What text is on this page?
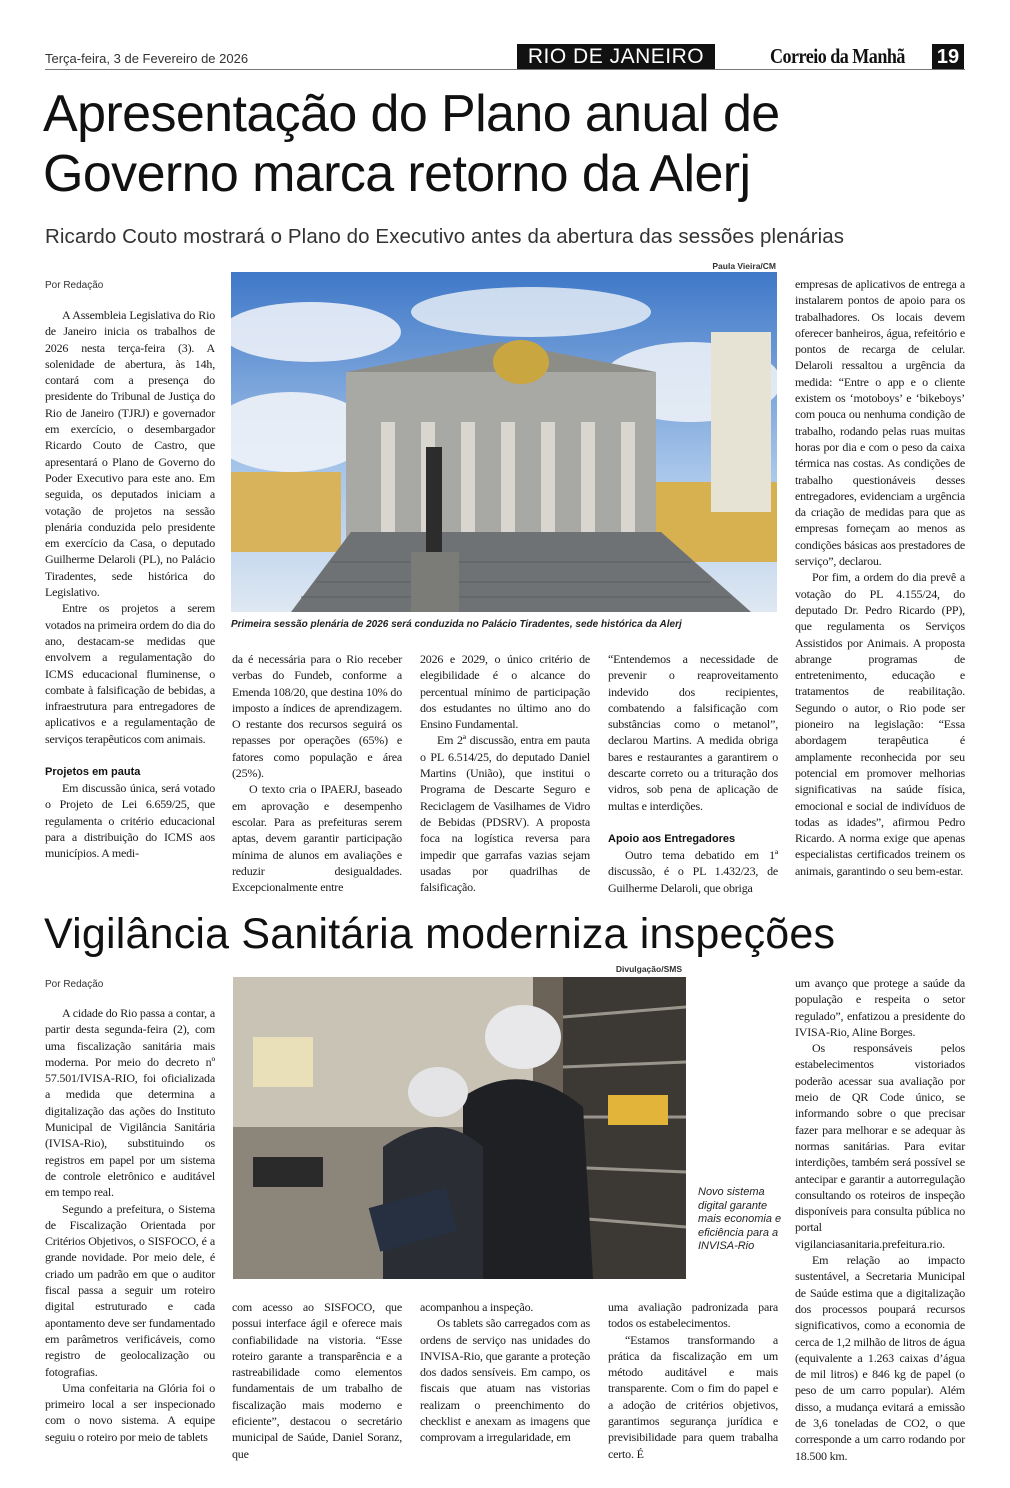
Terça-feira, 3 de Fevereiro de 2026	RIO DE JANEIRO	Correio da Manhã 19
Apresentação do Plano anual de Governo marca retorno da Alerj
Ricardo Couto mostrará o Plano do Executivo antes da abertura das sessões plenárias
Por Redação
Paula Vieira/CM
Primeira sessão plenária de 2026 será conduzida no Palácio Tiradentes, sede histórica da Alerj

A Assembleia Legislativa do Rio de Janeiro inicia os trabalhos de 2026 nesta terça-feira (3). A solenidade de abertura, às 14h, contará com a presença do presidente do Tribunal de Justiça do Rio de Janeiro (TJRJ) e governador em exercício, o desembargador Ricardo Couto de Castro, que apresentará o Plano de Governo do Poder Executivo para este ano. Em seguida, os deputados iniciam a votação de projetos na sessão plenária conduzida pelo presidente em exercício da Casa, o deputado Guilherme Delaroli (PL), no Palácio Tiradentes, sede histórica do Legislativo.

Entre os projetos a serem votados na primeira ordem do dia do ano, destacam-se medidas que envolvem a regulamentação do ICMS educacional fluminense, o combate à falsificação de bebidas, a infraestrutura para entregadores de aplicativos e a regulamentação de serviços terapêuticos com animais.

Projetos em pauta

Em discussão única, será votado o Projeto de Lei 6.659/25, que regulamenta o critério educacional para a distribuição do ICMS aos municípios. A medi-

da é necessária para o Rio receber verbas do Fundeb, conforme a Emenda 108/20, que destina 10% do imposto a índices de aprendizagem. O restante dos recursos seguirá os repasses por operações (65%) e fatores como população e área (25%).

O texto cria o IPAERJ, baseado em aprovação e desempenho escolar. Para as prefeituras serem aptas, devem garantir participação mínima de alunos em avaliações e reduzir desigualdades. Excepcionalmente entre

2026 e 2029, o único critério de elegibilidade é o alcance do percentual mínimo de participação dos estudantes no último ano do Ensino Fundamental.

Em 2ª discussão, entra em pauta o PL 6.514/25, do deputado Daniel Martins (União), que institui o Programa de Descarte Seguro e Reciclagem de Vasilhames de Vidro de Bebidas (PDSRV). A proposta foca na logística reversa para impedir que garrafas vazias sejam usadas por quadrilhas de falsificação.

“Entendemos a necessidade de prevenir o reaproveitamento indevido dos recipientes, combatendo a falsificação com substâncias como o metanol”, declarou Martins. A medida obriga bares e restaurantes a garantirem o descarte correto ou a trituração dos vidros, sob pena de aplicação de multas e interdições.

Apoio aos Entregadores

Outro tema debatido em 1ª discussão, é o PL 1.432/23, de Guilherme Delaroli, que obriga

empresas de aplicativos de entrega a instalarem pontos de apoio para os trabalhadores. Os locais devem oferecer banheiros, água, refeitório e pontos de recarga de celular. Delaroli ressaltou a urgência da medida: “Entre o app e o cliente existem os ‘motoboys’ e ‘bikeboys’ com pouca ou nenhuma condição de trabalho, rodando pelas ruas muitas horas por dia e com o peso da caixa térmica nas costas. As condições de trabalho questionáveis desses entregadores, evidenciam a urgência da criação de medidas para que as empresas forneçam ao menos as condições básicas aos prestadores de serviço”, declarou.

Por fim, a ordem do dia prevê a votação do PL 4.155/24, do deputado Dr. Pedro Ricardo (PP), que regulamenta os Serviços Assistidos por Animais. A proposta abrange programas de entretenimento, educação e tratamentos de reabilitação. Segundo o autor, o Rio pode ser pioneiro na legislação: “Essa abordagem terapêutica é amplamente reconhecida por seu potencial em promover melhorias significativas na saúde física, emocional e social de indivíduos de todas as idades”, afirmou Pedro Ricardo. A norma exige que apenas especialistas certificados treinem os animais, garantindo o seu bem-estar.

Vigilância Sanitária moderniza inspeções
Por Redação
Divulgação/SMS
Novo sistema digital garante mais economia e eficiência para a INVISA-Rio

A cidade do Rio passa a contar, a partir desta segunda-feira (2), com uma fiscalização sanitária mais moderna. Por meio do decreto nº 57.501/IVISA-RIO, foi oficializada a medida que determina a digitalização das ações do Instituto Municipal de Vigilância Sanitária (IVISA-Rio), substituindo os registros em papel por um sistema de controle eletrônico e auditável em tempo real.

Segundo a prefeitura, o Sistema de Fiscalização Orientada por Critérios Objetivos, o SISFOCO, é a grande novidade. Por meio dele, é criado um padrão em que o auditor fiscal passa a seguir um roteiro digital estruturado e cada apontamento deve ser fundamentado em parâmetros verificáveis, como registro de geolocalização ou fotografias.

Uma confeitaria na Glória foi o primeiro local a ser inspecionado com o novo sistema. A equipe seguiu o roteiro por meio de tablets

com acesso ao SISFOCO, que possui interface ágil e oferece mais confiabilidade na vistoria. “Esse roteiro garante a transparência e a rastreabilidade como elementos fundamentais de um trabalho de fiscalização mais moderno e eficiente”, destacou o secretário municipal de Saúde, Daniel Soranz, que

acompanhou a inspeção.

Os tablets são carregados com as ordens de serviço nas unidades do INVISA-Rio, que garante a proteção dos dados sensíveis. Em campo, os fiscais que atuam nas vistorias realizam o preenchimento do checklist e anexam as imagens que comprovam a irregularidade, em

uma avaliação padronizada para todos os estabelecimentos.

“Estamos transformando a prática da fiscalização em um método auditável e mais transparente. Com o fim do papel e a adoção de critérios objetivos, garantimos segurança jurídica e previsibilidade para quem trabalha certo. É

um avanço que protege a saúde da população e respeita o setor regulado”, enfatizou a presidente do IVISA-Rio, Aline Borges.

Os responsáveis pelos estabelecimentos vistoriados poderão acessar sua avaliação por meio de QR Code único, se informando sobre o que precisar fazer para melhorar e se adequar às normas sanitárias. Para evitar interdições, também será possível se antecipar e garantir a autorregulação consultando os roteiros de inspeção disponíveis para consulta pública no portal vigilanciasanitaria.prefeitura.rio.

Em relação ao impacto sustentável, a Secretaria Municipal de Saúde estima que a digitalização dos processos poupará recursos significativos, como a economia de cerca de 1,2 milhão de litros de água (equivalente a 1.263 caixas d’água de mil litros) e 846 kg de papel (o peso de um carro popular). Além disso, a mudança evitará a emissão de 3,6 toneladas de CO2, o que corresponde a um carro rodando por 18.500 km.
